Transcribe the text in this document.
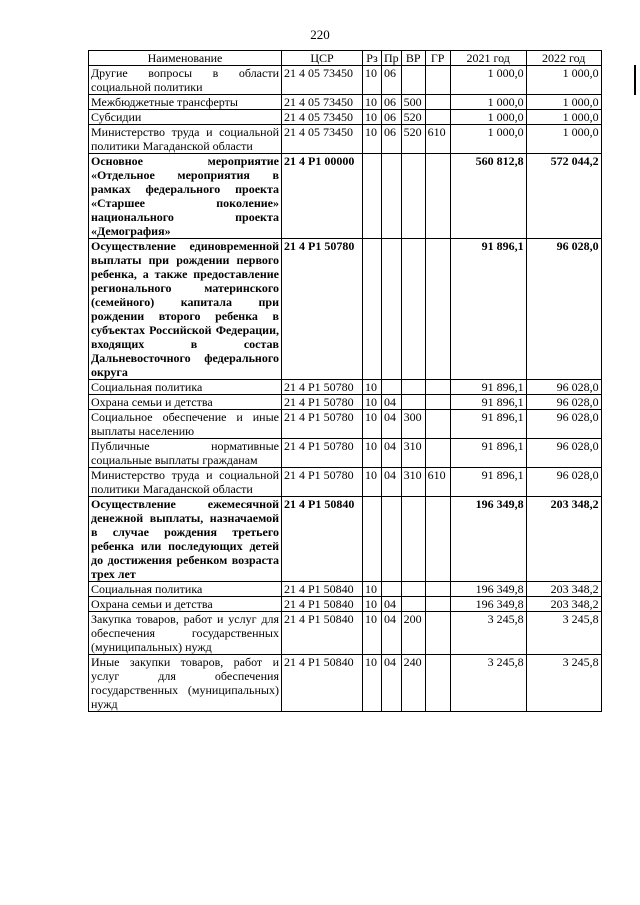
220
Наименование	ЦСР	Рз	Пр	ВР	ГР	2021 год	2022 год
Другие вопросы в области социальной политики	21 4 05 73450	10	06			1 000,0	1 000,0
Межбюджетные трансферты	21 4 05 73450	10	06	500		1 000,0	1 000,0
Субсидии	21 4 05 73450	10	06	520		1 000,0	1 000,0
Министерство труда и социальной политики Магаданской области	21 4 05 73450	10	06	520	610	1 000,0	1 000,0
Основное мероприятие «Отдельное мероприятия в рамках федерального проекта «Старшее поколение» национального проекта «Демография»	21 4 P1 00000					560 812,8	572 044,2
Осуществление единовременной выплаты при рождении первого ребенка, а также предоставление регионального материнского (семейного) капитала при рождении второго ребенка в субъектах Российской Федерации, входящих в состав Дальневосточного федерального округа	21 4 P1 50780					91 896,1	96 028,0
Социальная политика	21 4 P1 50780	10				91 896,1	96 028,0
Охрана семьи и детства	21 4 P1 50780	10	04			91 896,1	96 028,0
Социальное обеспечение и иные выплаты населению	21 4 P1 50780	10	04	300		91 896,1	96 028,0
Публичные нормативные социальные выплаты гражданам	21 4 P1 50780	10	04	310		91 896,1	96 028,0
Министерство труда и социальной политики Магаданской области	21 4 P1 50780	10	04	310	610	91 896,1	96 028,0
Осуществление ежемесячной денежной выплаты, назначаемой в случае рождения третьего ребенка или последующих детей до достижения ребенком возраста трех лет	21 4 P1 50840					196 349,8	203 348,2
Социальная политика	21 4 P1 50840	10				196 349,8	203 348,2
Охрана семьи и детства	21 4 P1 50840	10	04			196 349,8	203 348,2
Закупка товаров, работ и услуг для обеспечения государственных (муниципальных) нужд	21 4 P1 50840	10	04	200		3 245,8	3 245,8
Иные закупки товаров, работ и услуг для обеспечения государственных (муниципальных) нужд	21 4 P1 50840	10	04	240		3 245,8	3 245,8
